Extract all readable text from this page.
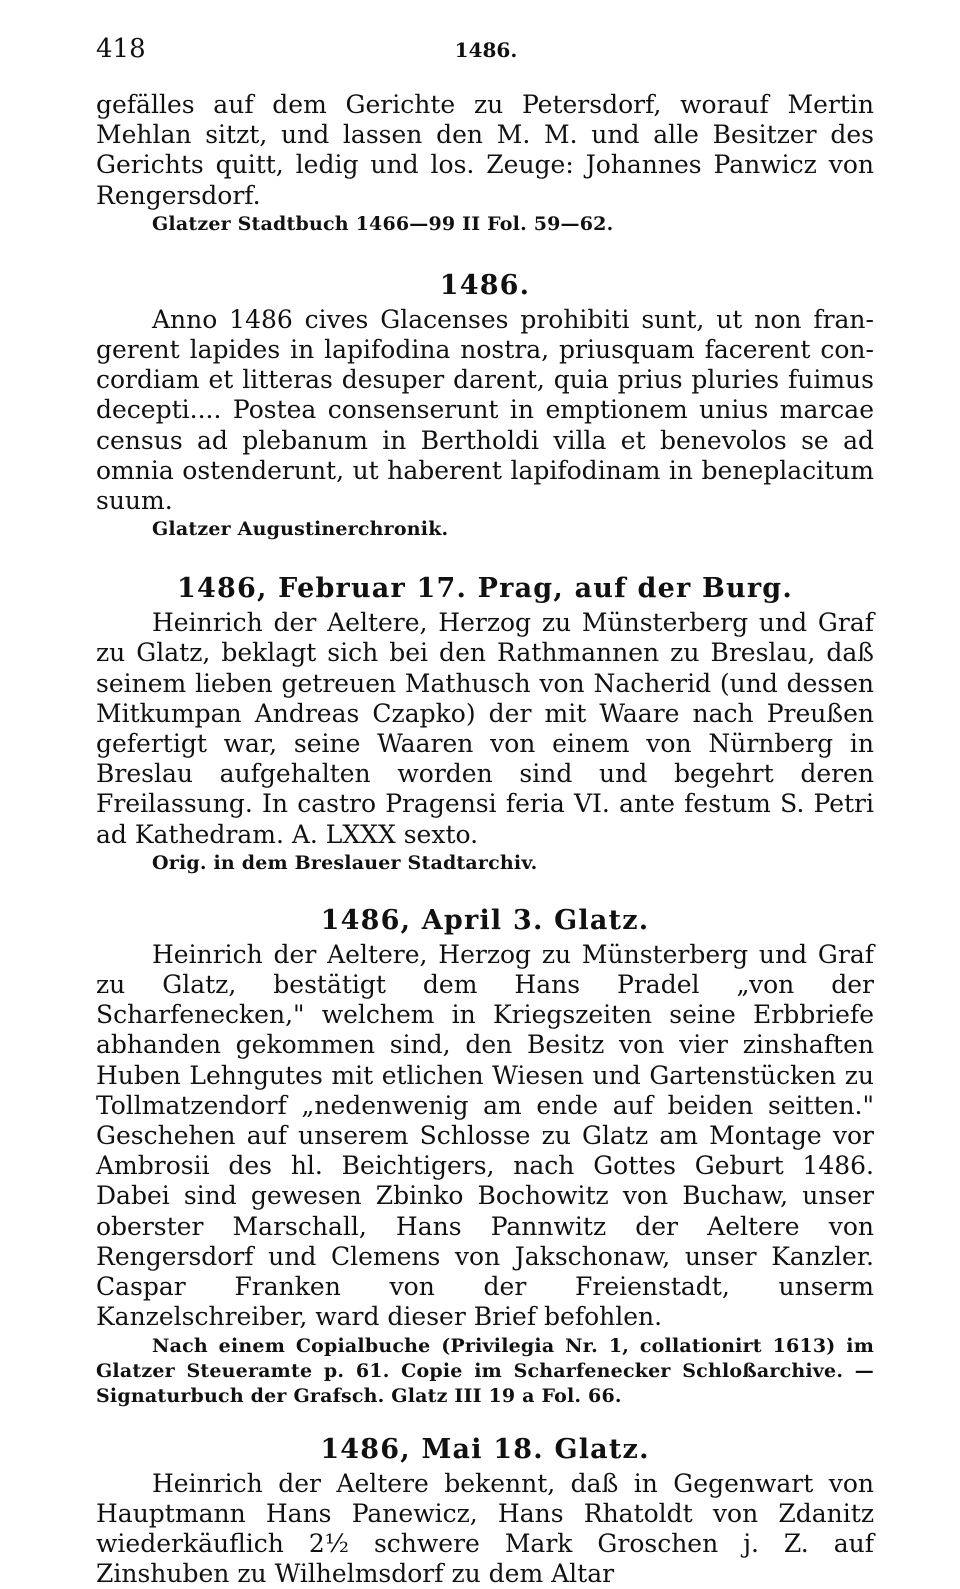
418	1486.

gefälles auf dem Gerichte zu Petersdorf, worauf Mertin Mehlan sitzt, und lassen den M. M. und alle Besitzer des Gerichts quitt, ledig und los. Zeuge: Johannes Panwicz von Rengersdorf.

Glatzer Stadtbuch 1466—99 II Fol. 59—62.

1486.

Anno 1486 cives Glacenses prohibiti sunt, ut non frangerent lapides in lapifodina nostra, priusquam facerent concordiam et litteras desuper darent, quia prius pluries fuimus decepti.... Postea consenserunt in emptionem unius marcae census ad plebanum in Bertholdi villa et benevolos se ad omnia ostenderunt, ut haberent lapifodinam in beneplacitum suum.

Glatzer Augustinerchronik.

1486, Februar 17. Prag, auf der Burg.

Heinrich der Aeltere, Herzog zu Münsterberg und Graf zu Glatz, beklagt sich bei den Rathmannen zu Breslau, daß seinem lieben getreuen Mathusch von Nacherid (und dessen Mitkumpan Andreas Czapko) der mit Waare nach Preußen gefertigt war, seine Waaren von einem von Nürnberg in Breslau aufgehalten worden sind und begehrt deren Freilassung. In castro Pragensi feria VI. ante festum S. Petri ad Kathedram. A. LXXX sexto.

Orig. in dem Breslauer Stadtarchiv.

1486, April 3. Glatz.

Heinrich der Aeltere, Herzog zu Münsterberg und Graf zu Glatz, bestätigt dem Hans Pradel „von der Scharfenecken," welchem in Kriegszeiten seine Erbbriefe abhanden gekommen sind, den Besitz von vier zinshaften Huben Lehngutes mit etlichen Wiesen und Gartenstücken zu Tollmatzendorf „nedenwenig am ende auf beiden seitten." Geschehen auf unserem Schlosse zu Glatz am Montage vor Ambrosii des hl. Beichtigers, nach Gottes Geburt 1486. Dabei sind gewesen Zbinko Bochowitz von Buchaw, unser oberster Marschall, Hans Pannwitz der Aeltere von Rengersdorf und Clemens von Jakschonaw, unser Kanzler. Caspar Franken von der Freienstadt, unserm Kanzelschreiber, ward dieser Brief befohlen.

Nach einem Copialbuche (Privilegia Nr. 1, collationirt 1613) im Glatzer Steueramte p. 61. Copie im Scharfenecker Schloßarchive. — Signaturbuch der Grafsch. Glatz III 19 a Fol. 66.

1486, Mai 18. Glatz.

Heinrich der Aeltere bekennt, daß in Gegenwart von Hauptmann Hans Panewicz, Hans Rhatoldt von Zdanitz wiederkäuflich 2½ schwere Mark Groschen j. Z. auf Zinshuben zu Wilhelmsdorf zu dem Altar
